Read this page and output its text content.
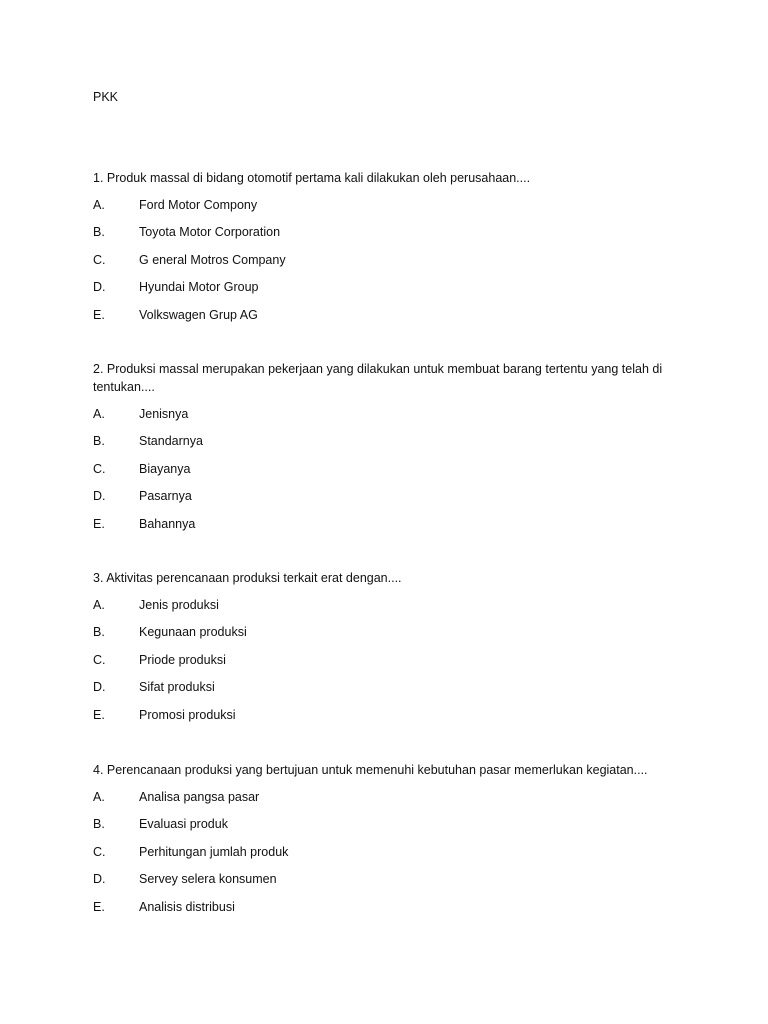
PKK
1. Produk massal di bidang otomotif pertama kali dilakukan oleh perusahaan....
A.	Ford Motor Compony
B.	Toyota Motor Corporation
C.	G eneral Motros Company
D.	Hyundai Motor Group
E.	Volkswagen Grup AG
2. Produksi massal merupakan pekerjaan yang dilakukan untuk membuat barang tertentu yang telah di tentukan....
A.	Jenisnya
B.	Standarnya
C.	Biayanya
D.	Pasarnya
E.	Bahannya
3. Aktivitas perencanaan produksi terkait erat dengan....
A.	Jenis produksi
B.	Kegunaan produksi
C.	Priode produksi
D.	Sifat produksi
E.	Promosi produksi
4. Perencanaan produksi yang bertujuan untuk memenuhi kebutuhan pasar memerlukan kegiatan....
A.	Analisa pangsa pasar
B.	Evaluasi produk
C.	Perhitungan jumlah produk
D.	Servey selera konsumen
E.	Analisis distribusi
